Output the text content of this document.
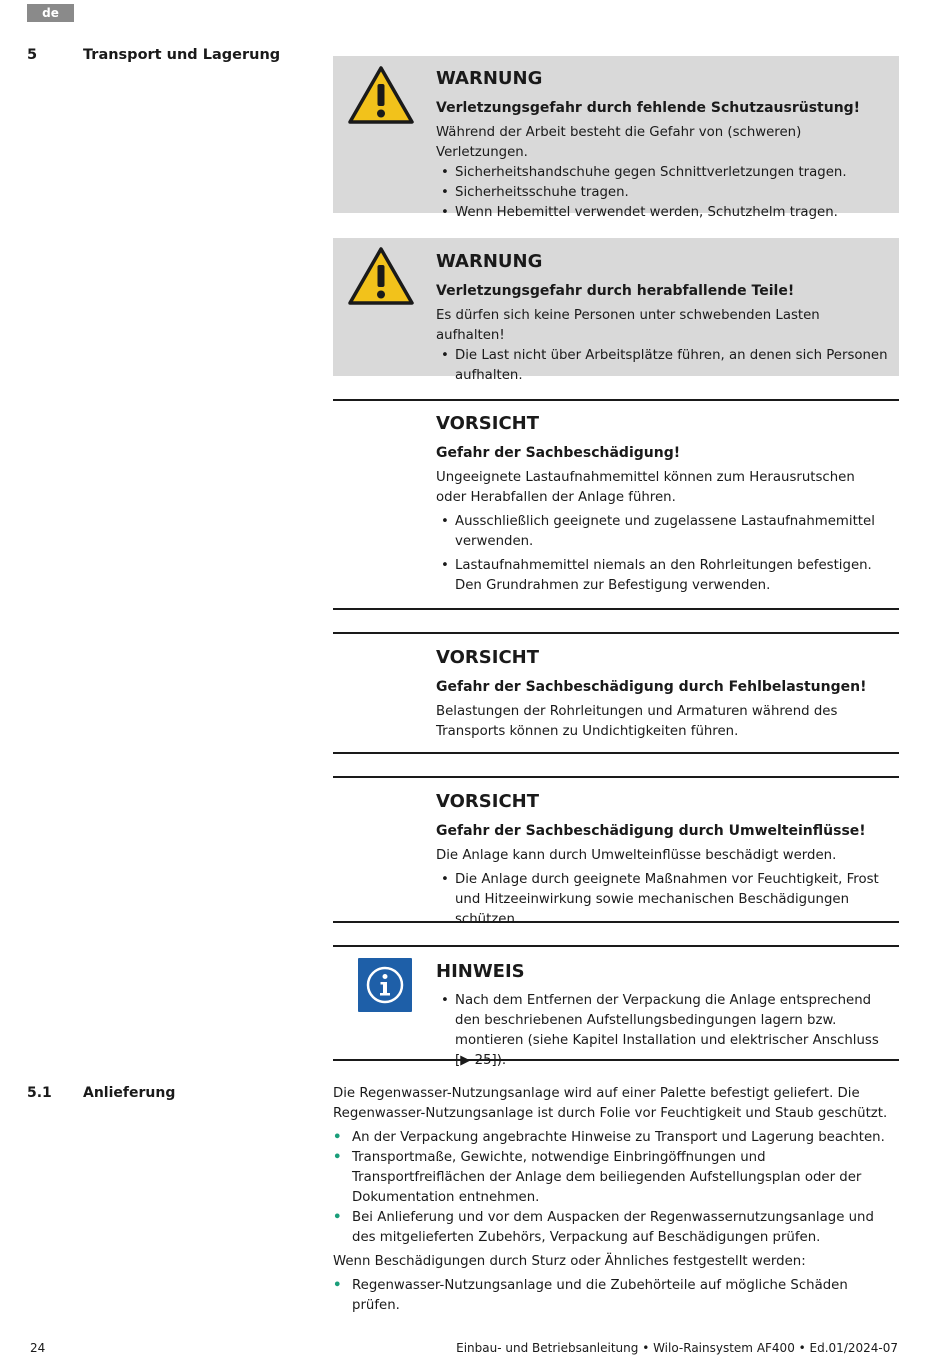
de
5	Transport und Lagerung
WARNUNG
Verletzungsgefahr durch fehlende Schutzausrüstung!
Während der Arbeit besteht die Gefahr von (schweren) Verletzungen.
• Sicherheitshandschuhe gegen Schnittverletzungen tragen.
• Sicherheitsschuhe tragen.
• Wenn Hebemittel verwendet werden, Schutzhelm tragen.
WARNUNG
Verletzungsgefahr durch herabfallende Teile!
Es dürfen sich keine Personen unter schwebenden Lasten aufhalten!
• Die Last nicht über Arbeitsplätze führen, an denen sich Personen aufhalten.
VORSICHT
Gefahr der Sachbeschädigung!
Ungeeignete Lastaufnahmemittel können zum Herausrutschen oder Herabfallen der Anlage führen.
• Ausschließlich geeignete und zugelassene Lastaufnahmemittel verwenden.
• Lastaufnahmemittel niemals an den Rohrleitungen befestigen. Den Grundrahmen zur Befestigung verwenden.
VORSICHT
Gefahr der Sachbeschädigung durch Fehlbelastungen!
Belastungen der Rohrleitungen und Armaturen während des Transports können zu Undichtigkeiten führen.
VORSICHT
Gefahr der Sachbeschädigung durch Umwelteinflüsse!
Die Anlage kann durch Umwelteinflüsse beschädigt werden.
• Die Anlage durch geeignete Maßnahmen vor Feuchtigkeit, Frost und Hitzeeinwirkung sowie mechanischen Beschädigungen schützen.
HINWEIS
• Nach dem Entfernen der Verpackung die Anlage entsprechend den beschriebenen Aufstellungsbedingungen lagern bzw. montieren (siehe Kapitel Installation und elektrischer Anschluss [▶ 25]).
5.1 Anlieferung	Die Regenwasser-Nutzungsanlage wird auf einer Palette befestigt geliefert. Die Regenwasser-Nutzungsanlage ist durch Folie vor Feuchtigkeit und Staub geschützt.

• An der Verpackung angebrachte Hinweise zu Transport und Lagerung beachten.
• Transportmaße, Gewichte, notwendige Einbringöffnungen und Transportfreiflächen der Anlage dem beiliegenden Aufstellungsplan oder der Dokumentation entnehmen.
• Bei Anlieferung und vor dem Auspacken der Regenwassernutzungsanlage und des mitgelieferten Zubehörs, Verpackung auf Beschädigungen prüfen.

Wenn Beschädigungen durch Sturz oder Ähnliches festgestellt werden:

• Regenwasser-Nutzungsanlage und die Zubehörteile auf mögliche Schäden prüfen.
24	Einbau- und Betriebsanleitung • Wilo-Rainsystem AF400 • Ed.01/2024-07
